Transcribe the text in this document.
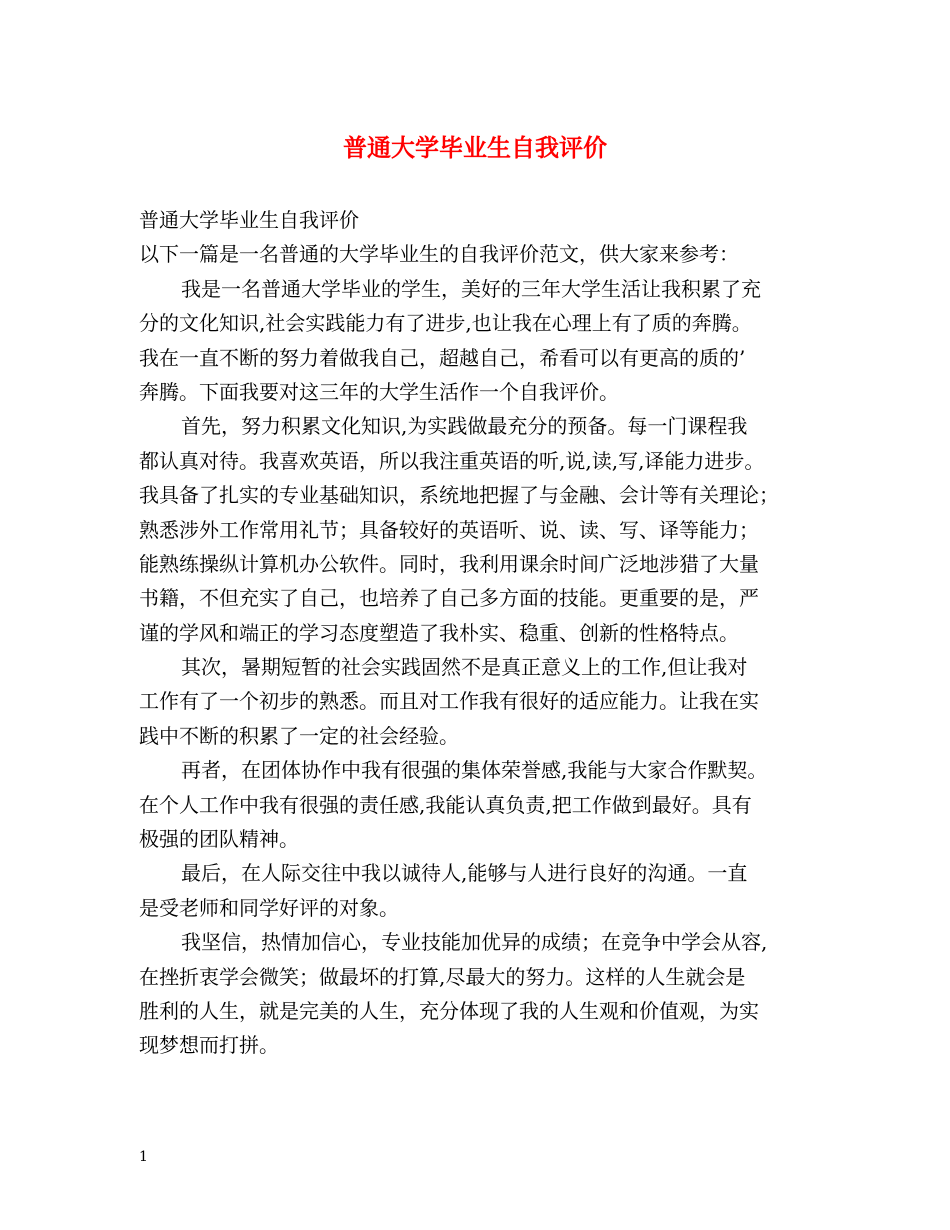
普通大学毕业生自我评价
普通大学毕业生自我评价
以下一篇是一名普通的大学毕业生的自我评价范文，供大家来参考：
我是一名普通大学毕业的学生，美好的三年大学生活让我积累了充
分的文化知识,社会实践能力有了进步,也让我在心理上有了质的奔腾。
我在一直不断的努力着做我自己，超越自己，希看可以有更高的质的’
奔腾。下面我要对这三年的大学生活作一个自我评价。
首先，努力积累文化知识,为实践做最充分的预备。每一门课程我
都认真对待。我喜欢英语，所以我注重英语的听,说,读,写,译能力进步。
我具备了扎实的专业基础知识，系统地把握了与金融、会计等有关理论；
熟悉涉外工作常用礼节；具备较好的英语听、说、读、写、译等能力；
能熟练操纵计算机办公软件。同时，我利用课余时间广泛地涉猎了大量
书籍，不但充实了自己，也培养了自己多方面的技能。更重要的是，严
谨的学风和端正的学习态度塑造了我朴实、稳重、创新的性格特点。
其次，暑期短暂的社会实践固然不是真正意义上的工作,但让我对
工作有了一个初步的熟悉。而且对工作我有很好的适应能力。让我在实
践中不断的积累了一定的社会经验。
再者，在团体协作中我有很强的集体荣誉感,我能与大家合作默契。
在个人工作中我有很强的责任感,我能认真负责,把工作做到最好。具有
极强的团队精神。
最后，在人际交往中我以诚待人,能够与人进行良好的沟通。一直
是受老师和同学好评的对象。
我坚信，热情加信心，专业技能加优异的成绩；在竞争中学会从容,
在挫折衷学会微笑；做最坏的打算,尽最大的努力。这样的人生就会是
胜利的人生，就是完美的人生，充分体现了我的人生观和价值观，为实
现梦想而打拼。
1
